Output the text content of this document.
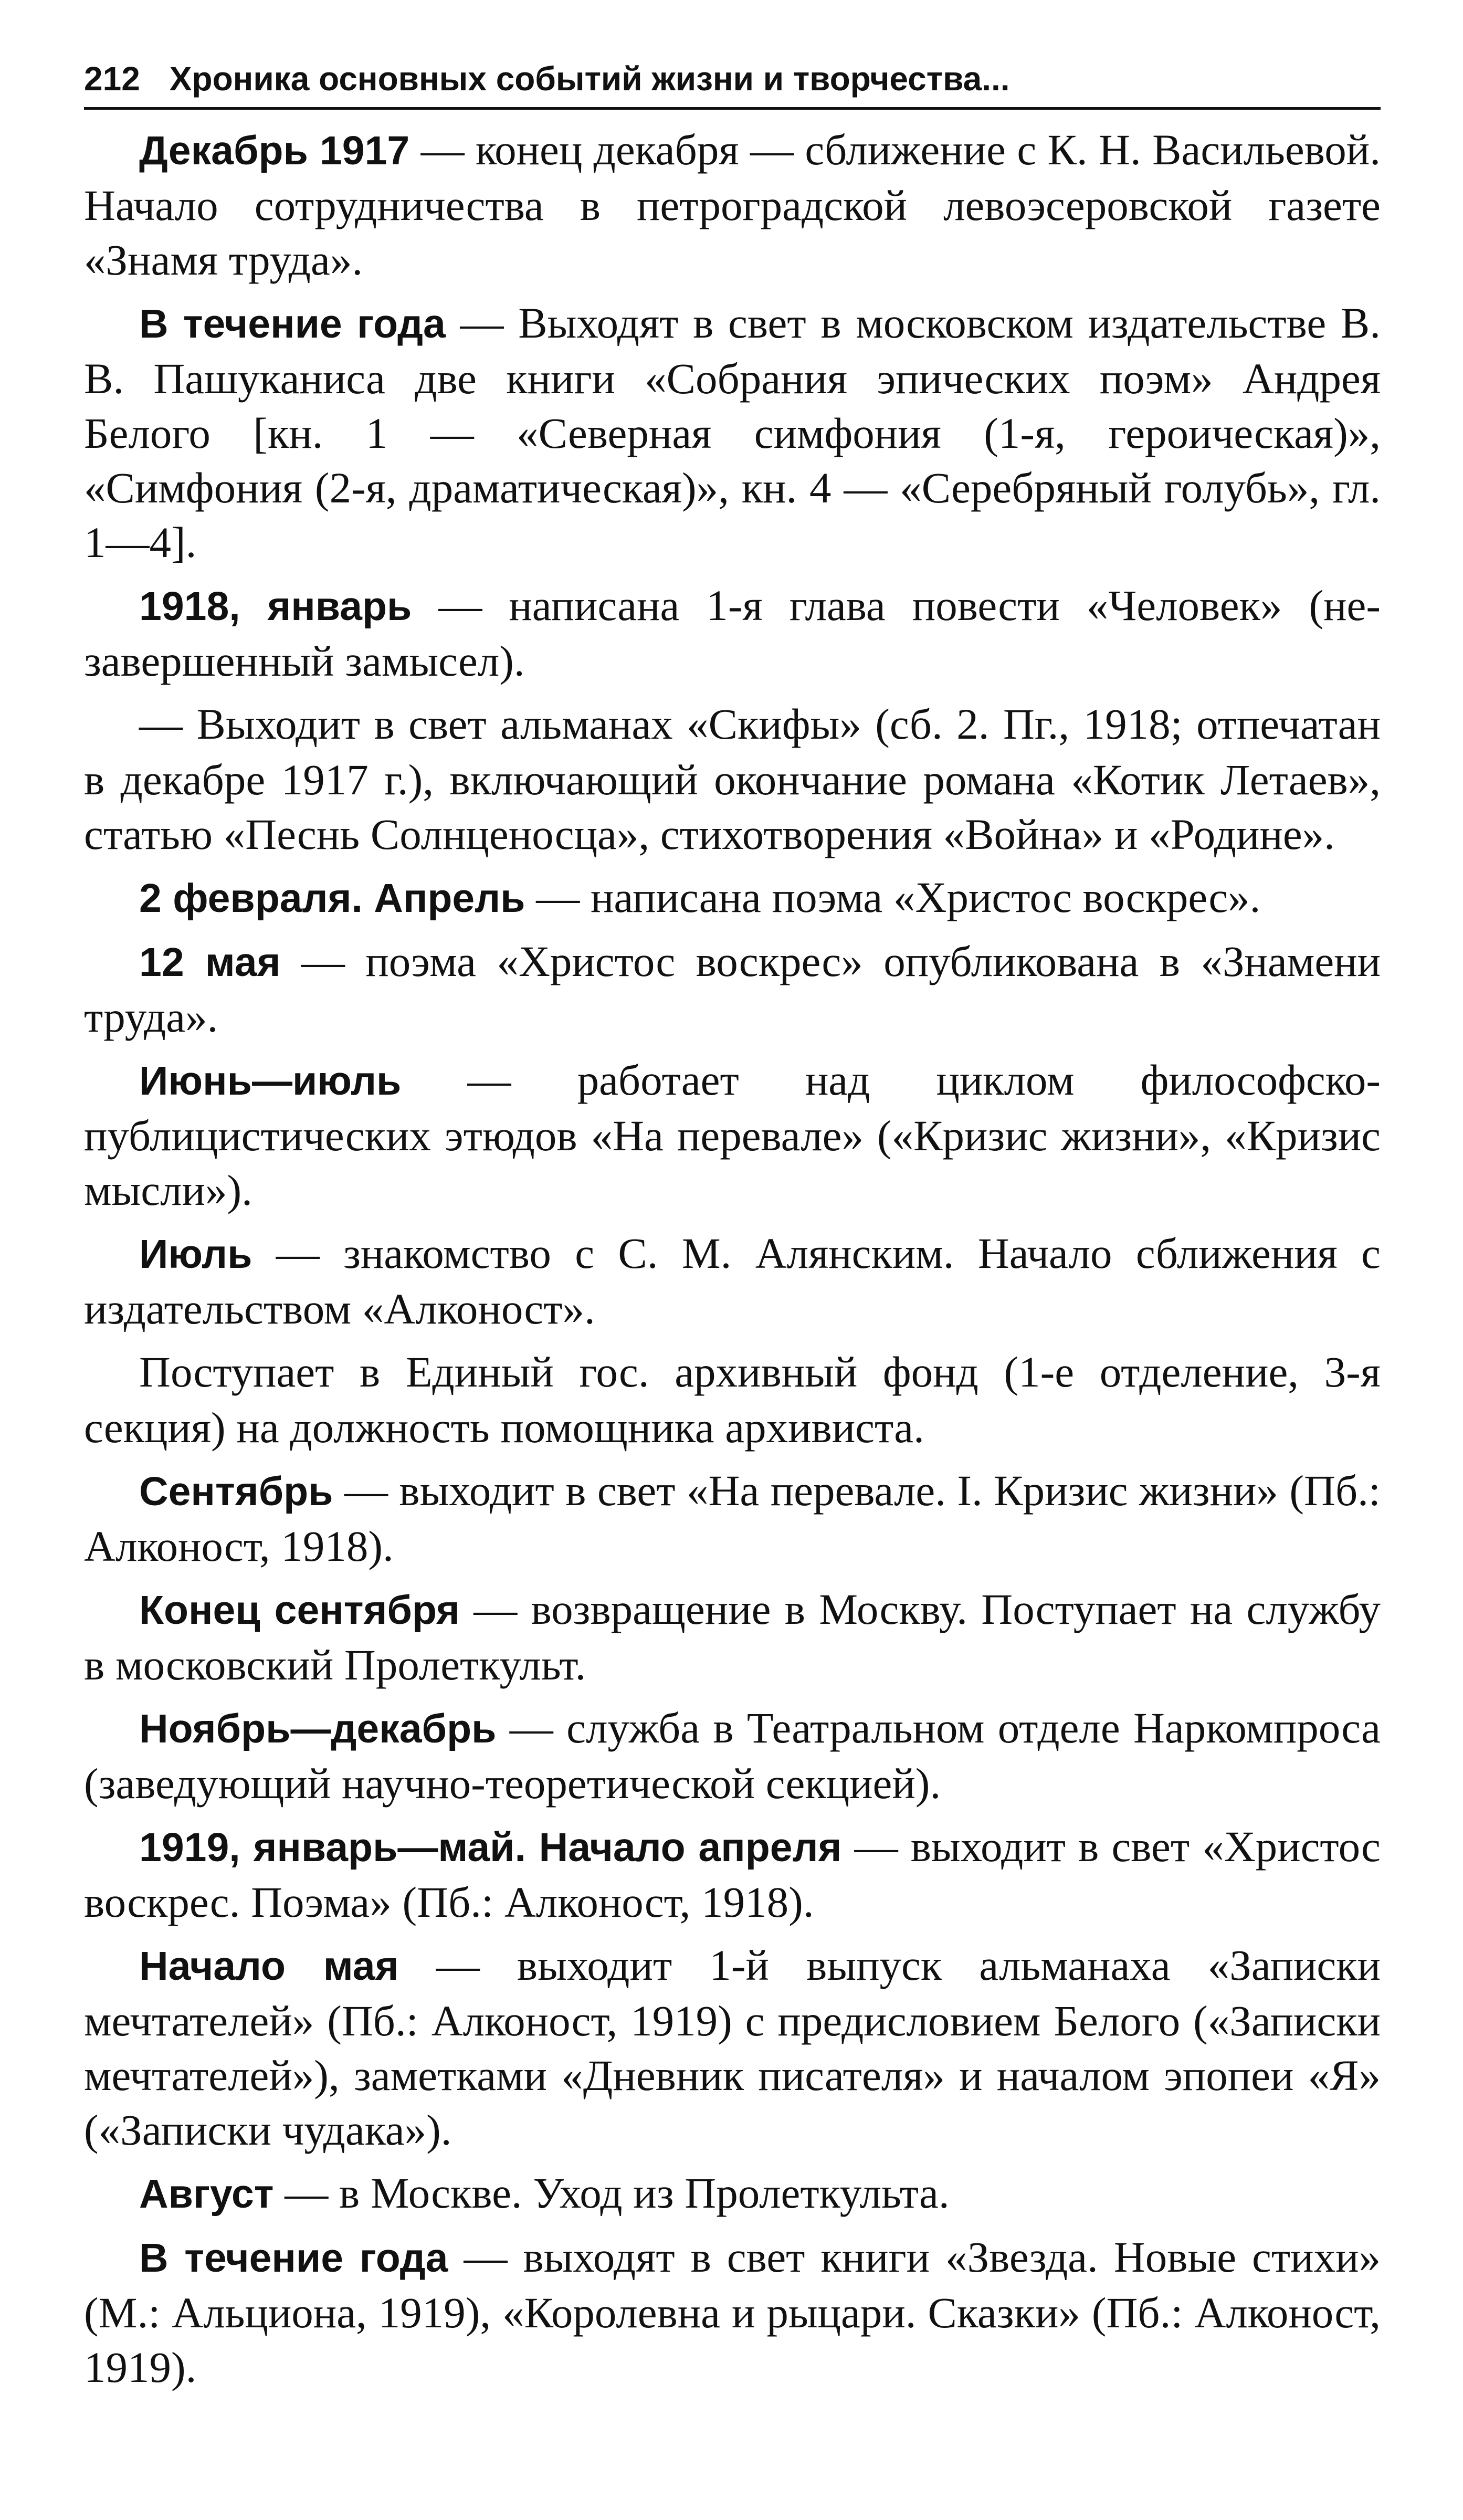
212 Хроника основных событий жизни и творчества...

Декабрь 1917 — конец декабря — сближение с К. Н. Васильевой. Начало сотрудничества в петроградской левоэсеровской газете «Знамя труда».

В течение года — Выходят в свет в московском издательстве В. В. Пашуканиса две книги «Собрания эпических поэм» Андрея Белого [кн. 1 — «Северная симфония (1-я, героическая)», «Симфония (2-я, драматическая)», кн. 4 — «Серебряный голубь», гл. 1—4].

1918, январь — написана 1-я глава повести «Человек» (незавершенный замысел).

— Выходит в свет альманах «Скифы» (сб. 2. Пг., 1918; отпечатан в декабре 1917 г.), включающий окончание романа «Котик Летаев», статью «Песнь Солнценосца», стихотворения «Война» и «Родине».

2 февраля. Апрель — написана поэма «Христос воскрес».

12 мая — поэма «Христос воскрес» опубликована в «Знамени труда».

Июнь—июль — работает над циклом философско-публицистических этюдов «На перевале» («Кризис жизни», «Кризис мысли»).

Июль — знакомство с С. М. Алянским. Начало сближения с издательством «Алконост».

Поступает в Единый гос. архивный фонд (1-е отделение, 3-я секция) на должность помощника архивиста.

Сентябрь — выходит в свет «На перевале. I. Кризис жизни» (Пб.: Алконост, 1918).

Конец сентября — возвращение в Москву. Поступает на службу в московский Пролеткульт.

Ноябрь—декабрь — служба в Театральном отделе Наркомпроса (заведующий научно-теоретической секцией).

1919, январь—май. Начало апреля — выходит в свет «Христос воскрес. Поэма» (Пб.: Алконост, 1918).

Начало мая — выходит 1-й выпуск альманаха «Записки мечтателей» (Пб.: Алконост, 1919) с предисловием Белого («Записки мечтателей»), заметками «Дневник писателя» и началом эпопеи «Я» («Записки чудака»).

Август — в Москве. Уход из Пролеткульта.

В течение года — выходят в свет книги «Звезда. Новые стихи» (М.: Альциона, 1919), «Королевна и рыцари. Сказки» (Пб.: Алконост, 1919).
